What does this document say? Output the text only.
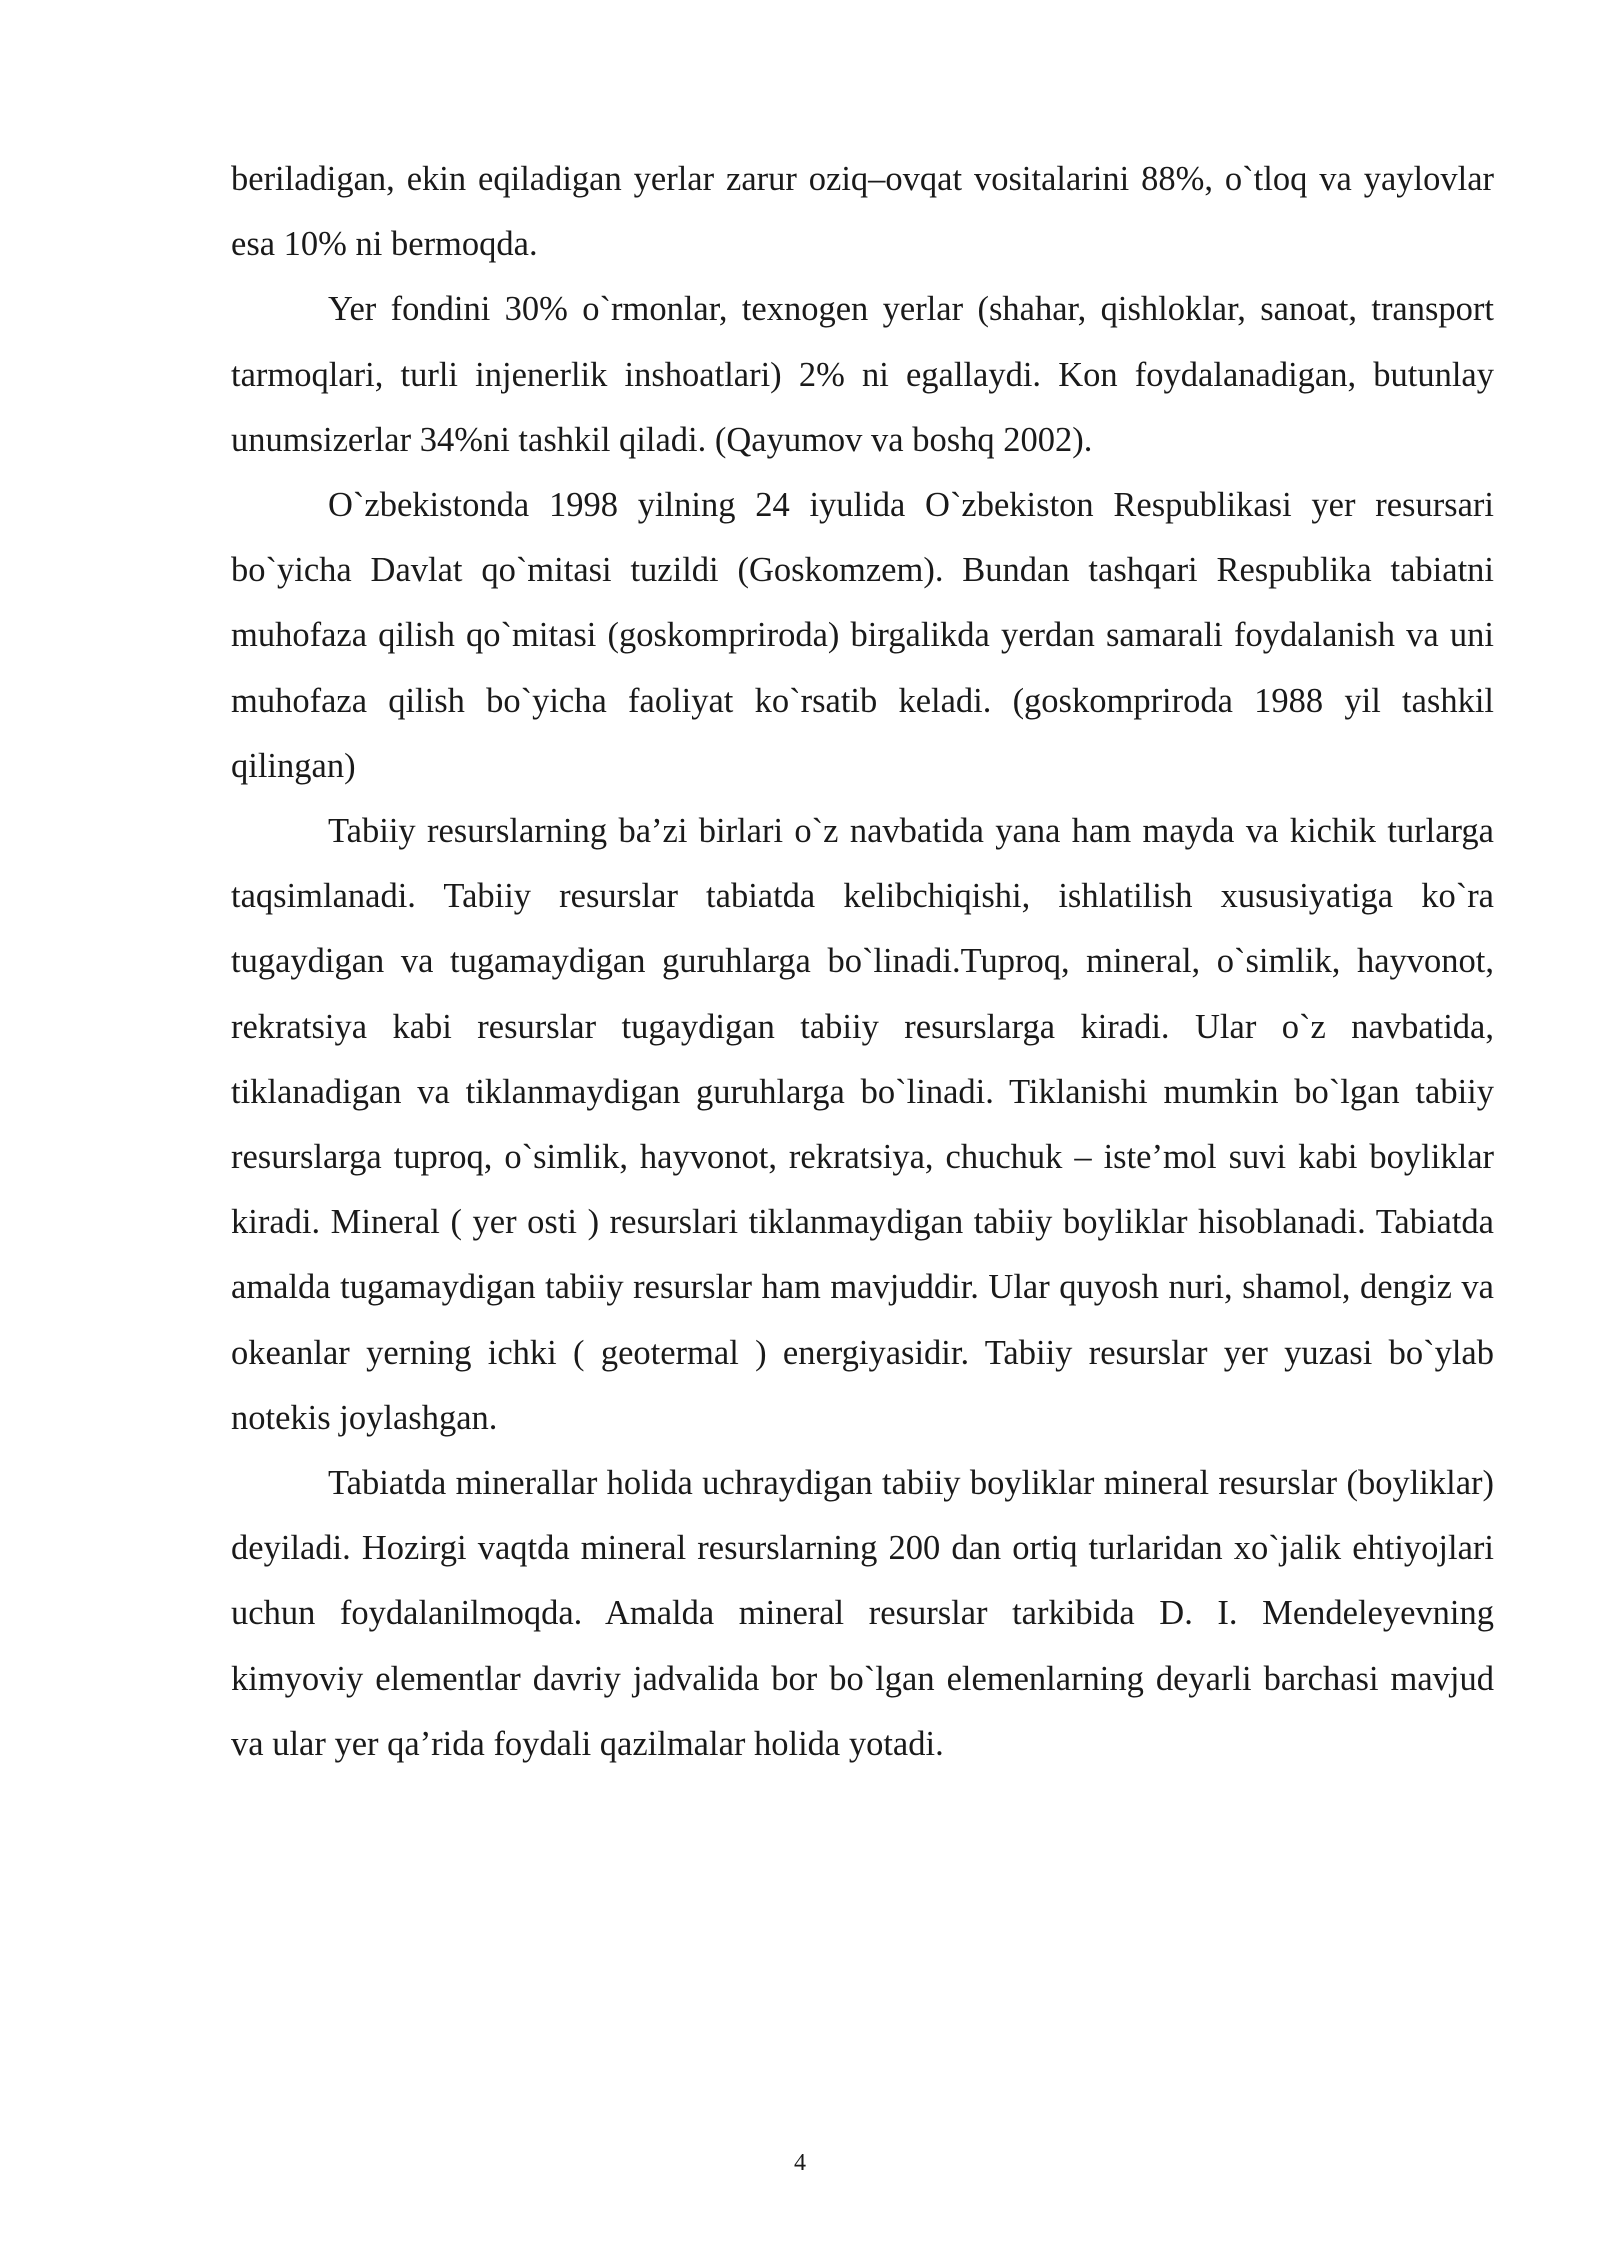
beriladigan, ekin eqiladigan yerlar zarur oziq–ovqat vositalarini 88%, o`tloq va yaylovlar esa 10% ni bermoqda.

Yer fondini 30% o`rmonlar, texnogen yerlar (shahar, qishloklar, sanoat, transport tarmoqlari, turli injenerlik inshoatlari) 2% ni egallaydi. Kon foydalanadigan, butunlay unumsizerlar 34%ni tashkil qiladi. (Qayumov va boshq 2002).

O`zbekistonda 1998 yilning 24 iyulida O`zbekiston Respublikasi yer resursari bo`yicha Davlat qo`mitasi tuzildi (Goskomzem). Bundan tashqari Respublika tabiatni muhofaza qilish qo`mitasi (goskompriroda) birgalikda yerdan samarali foydalanish va uni muhofaza qilish bo`yicha faoliyat ko`rsatib keladi. (goskompriroda 1988 yil tashkil qilingan)

Tabiiy resurslarning ba’zi birlari o`z navbatida yana ham mayda va kichik turlarga taqsimlanadi. Tabiiy resurslar tabiatda kelibchiqishi, ishlatilish xususiyatiga ko`ra tugaydigan va tugamaydigan guruhlarga bo`linadi.Tuproq, mineral, o`simlik, hayvonot, rekratsiya kabi resurslar tugaydigan tabiiy resurslarga kiradi. Ular o`z navbatida, tiklanadigan va tiklanmaydigan guruhlarga bo`linadi. Tiklanishi mumkin bo`lgan tabiiy resurslarga tuproq, o`simlik, hayvonot, rekratsiya, chuchuk – iste’mol suvi kabi boyliklar kiradi. Mineral ( yer osti ) resurslari tiklanmaydigan tabiiy boyliklar hisoblanadi. Tabiatda amalda tugamaydigan tabiiy resurslar ham mavjuddir. Ular quyosh nuri, shamol, dengiz va okeanlar yerning ichki ( geotermal ) energiyasidir. Tabiiy resurslar yer yuzasi bo`ylab notekis joylashgan.

Tabiatda minerallar holida uchraydigan tabiiy boyliklar mineral resurslar (boyliklar) deyiladi. Hozirgi vaqtda mineral resurslarning 200 dan ortiq turlaridan xo`jalik ehtiyojlari uchun foydalanilmoqda. Amalda mineral resurslar tarkibida D. I. Mendeleyevning kimyoviy elementlar davriy jadvalida bor bo`lgan elemenlarning deyarli barchasi mavjud va ular yer qa’rida foydali qazilmalar holida yotadi.

4
